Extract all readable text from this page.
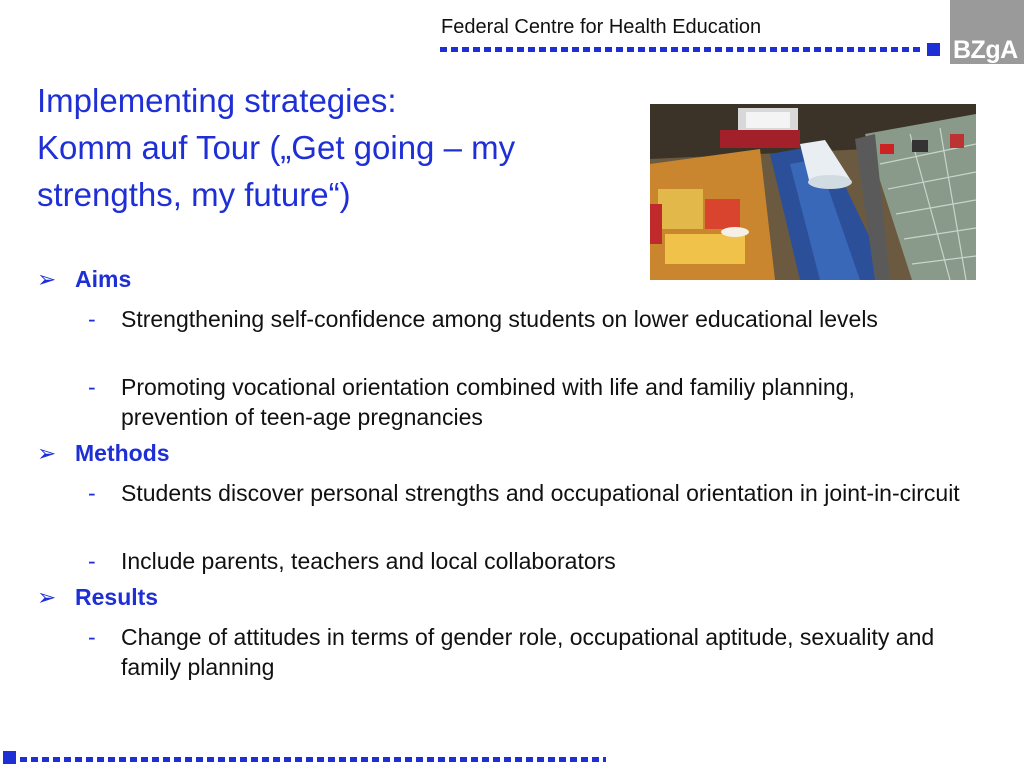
Federal Centre for Health Education
BZgA
Implementing strategies:
Komm auf Tour („Get going – my
strengths, my future“)
➢ Aims
- Strengthening self-confidence among students on lower educational levels
- Promoting vocational orientation combined with life and familiy planning, prevention of teen-age pregnancies
➢ Methods
- Students discover personal strengths and occupational orientation in joint-in-circuit
- Include parents, teachers and local collaborators
➢ Results
- Change of attitudes in terms of gender role, occupational aptitude, sexuality and family planning
